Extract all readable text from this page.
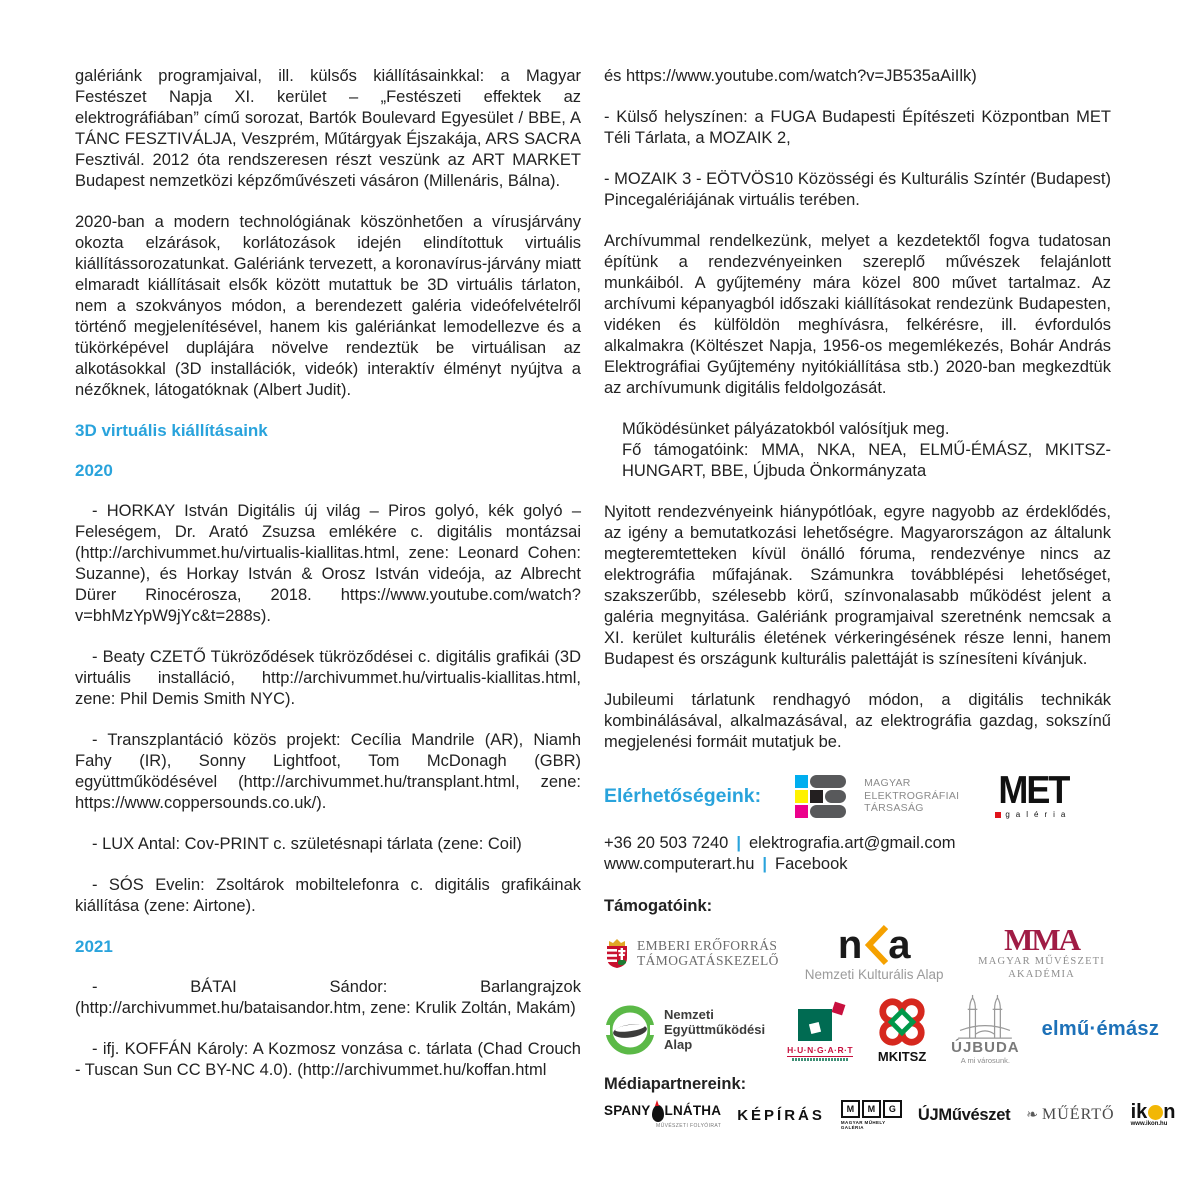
galériánk programjaival, ill. külsős kiállításainkkal: a Magyar Festészet Napja XI. kerület – „Festészeti effektek az elektrográfiában” című sorozat, Bartók Boulevard Egyesület / BBE, A TÁNC FESZTIVÁLJA, Veszprém, Műtárgyak Éjszakája, ARS SACRA Fesztivál. 2012 óta rendszeresen részt veszünk az ART MARKET Budapest nemzetközi képzőművészeti vásáron (Millenáris, Bálna).

2020-ban a modern technológiának köszönhetően a vírusjárvány okozta elzárások, korlátozások idején elindítottuk virtuális kiállítássorozatunkat. Galériánk tervezett, a koronavírus-járvány miatt elmaradt kiállításait elsők között mutattuk be 3D virtuális tárlaton, nem a szokványos módon, a berendezett galéria videófelvételről történő megjelenítésével, hanem kis galériánkat lemodellezve és a tükörképével duplájára növelve rendeztük be virtuálisan az alkotásokkal (3D installációk, videók) interaktív élményt nyújtva a nézőknek, látogatóknak (Albert Judit).

3D virtuális kiállításaink
2020

- HORKAY István Digitális új világ – Piros golyó, kék golyó – Feleségem, Dr. Arató Zsuzsa emlékére c. digitális montázsai (http://archivummet.hu/virtualis-kiallitas.html, zene: Leonard Cohen: Suzanne), és Horkay István & Orosz István videója, az Albrecht Dürer Rinocérosza, 2018. https://www.youtube.com/watch?v=bhMzYpW9jYc&t=288s).

- Beaty CZETŐ Tükröződések tükröződései c. digitális grafikái (3D virtuális installáció, http://archivummet.hu/virtualis-kiallitas.html, zene: Phil Demis Smith NYC).

- Transzplantáció közös projekt: Cecília Mandrile (AR), Niamh Fahy (IR), Sonny Lightfoot, Tom McDonagh (GBR) együttműködésével (http://archivummet.hu/transplant.html, zene: https://www.coppersounds.co.uk/).

- LUX Antal: Cov-PRINT c. születésnapi tárlata (zene: Coil)

- SÓS Evelin: Zsoltárok mobiltelefonra c. digitális grafikáinak kiállítása (zene: Airtone).

2021

- BÁTAI Sándor: Barlangrajzok (http://archivummet.hu/bataisandor.htm, zene: Krulik Zoltán, Makám)

- ifj. KOFFÁN Károly: A Kozmosz vonzása c. tárlata (Chad Crouch - Tuscan Sun CC BY-NC 4.0). (http://archivummet.hu/koffan.html

és https://www.youtube.com/watch?v=JB535aAiIlk)

- Külső helyszínen: a FUGA Budapesti Építészeti Központban MET Téli Tárlata, a MOZAIK 2,

- MOZAIK 3 - EÖTVÖS10 Közösségi és Kulturális Színtér (Budapest) Pincegalériájának virtuális terében.

Archívummal rendelkezünk, melyet a kezdetektől fogva tudatosan építünk a rendezvényeinken szereplő művészek felajánlott munkáiból. A gyűjtemény mára közel 800 művet tartalmaz. Az archívumi képanyagból időszaki kiállításokat rendezünk Budapesten, vidéken és külföldön meghívásra, felkérésre, ill. évfordulós alkalmakra (Költészet Napja, 1956-os megemlékezés, Bohár András Elektrográfiai Gyűjtemény nyitókiállítása stb.) 2020-ban megkezdtük az archívumunk digitális feldolgozását.

Működésünket pályázatokból valósítjuk meg.

Fő támogatóink: MMA, NKA, NEA, ELMŰ-ÉMÁSZ, MKITSZ-HUNGART, BBE, Újbuda Önkormányzata

Nyitott rendezvényeink hiánypótlóak, egyre nagyobb az érdeklődés, az igény a bemutatkozási lehetőségre. Magyarországon az általunk megteremtetteken kívül önálló fóruma, rendezvénye nincs az elektrográfia műfajának. Számunkra továbblépési lehetőséget, szakszerűbb, szélesebb körű, színvonalasabb működést jelent a galéria megnyitása. Galériánk programjaival szeretnénk nemcsak a XI. kerület kulturális életének vérkeringésének része lenni, hanem Budapest és országunk kulturális palettáját is színesíteni kívánjuk.

Jubileumi tárlatunk rendhagyó módon, a digitális technikák kombinálásával, alkalmazásával, az elektrográfia gazdag, sokszínű megjelenési formáit mutatjuk be.

Elérhetőségeink:
MAGYAR
ELEKTROGRÁFIAI
TÁRSASÁG	MET
galéria

+36 20 503 7240 | elektrografia.art@gmail.com

www.computerart.hu | Facebook

Támogatóink:

EMBERI ERŐFORRÁS
TÁMOGATÁSKEZELŐ n a
Nemzeti Kulturális Alap
MMA
MAGYAR MŰVÉSZETI
AKADÉMIA
Nemzeti
Együttműködési
Alap	H·U·N·G·A·R·T MKITSZ ÚJBUDA
A mi városunk.
elmű·émász

Médiapartnereink:

SPANY LNÁTHA
MŰVÉSZETI FOLYÓIRAT
KÉPÍRÁS	M	M	G
MAGYAR MŰHELY GALÉRIA
ÚJMűvészet ❧ MŰÉRTŐ ik n
www.ikon.hu
